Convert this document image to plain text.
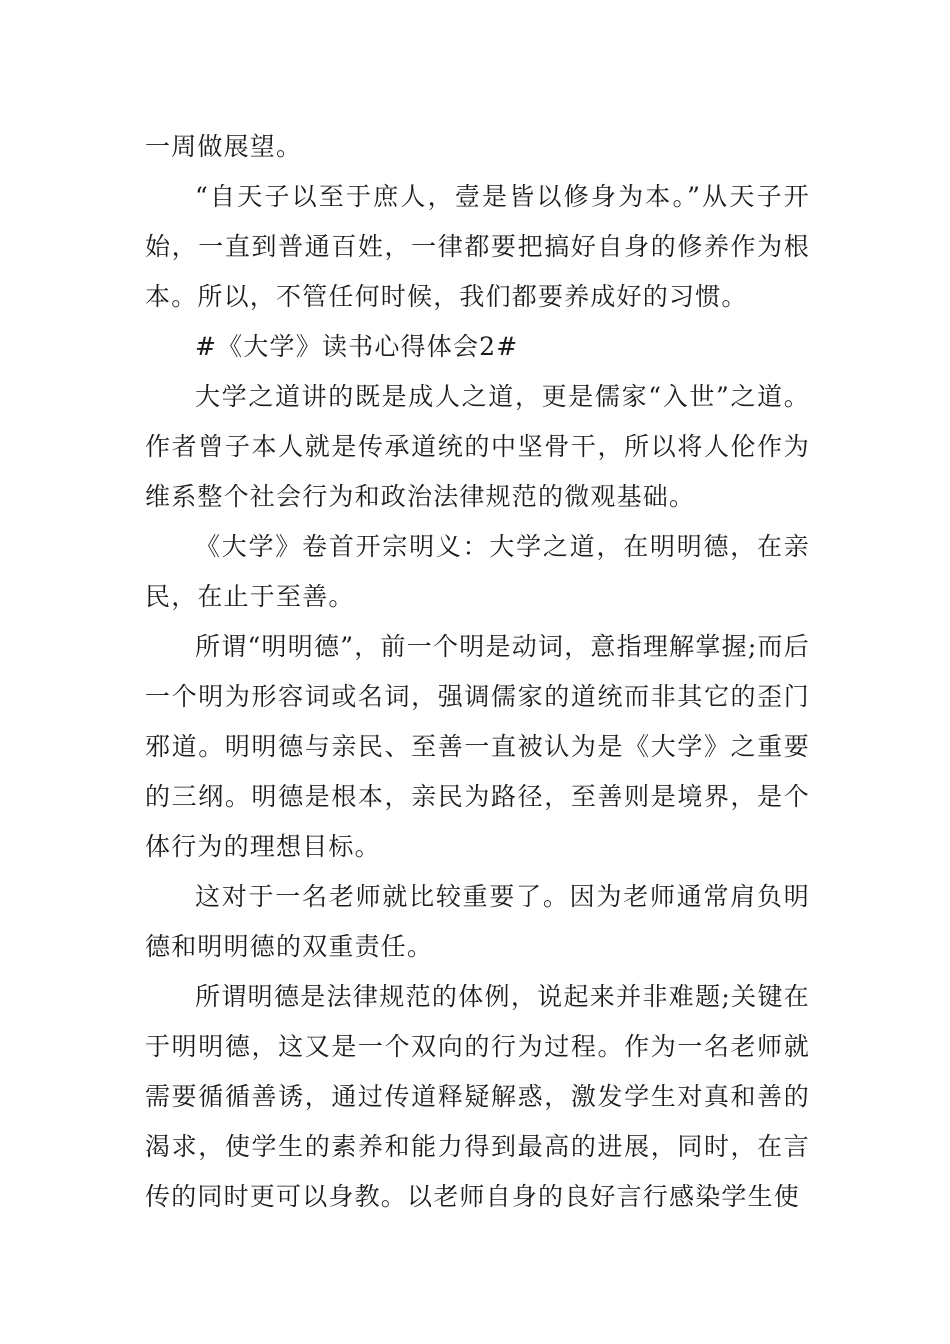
一周做展望。

“自天子以至于庶人，壹是皆以修身为本。”从天子开始，一直到普通百姓，一律都要把搞好自身的修养作为根本。所以，不管任何时候，我们都要养成好的习惯。

#《大学》读书心得体会2#

大学之道讲的既是成人之道，更是儒家“入世”之道。作者曾子本人就是传承道统的中坚骨干，所以将人伦作为维系整个社会行为和政治法律规范的微观基础。

《大学》卷首开宗明义：大学之道，在明明德，在亲民，在止于至善。

所谓“明明德”，前一个明是动词，意指理解掌握;而后一个明为形容词或名词，强调儒家的道统而非其它的歪门邪道。明明德与亲民、至善一直被认为是《大学》之重要的三纲。明德是根本，亲民为路径，至善则是境界，是个体行为的理想目标。

这对于一名老师就比较重要了。因为老师通常肩负明德和明明德的双重责任。

所谓明德是法律规范的体例，说起来并非难题;关键在于明明德，这又是一个双向的行为过程。作为一名老师就需要循循善诱，通过传道释疑解惑，激发学生对真和善的渴求，使学生的素养和能力得到最高的进展，同时，在言传的同时更可以身教。以老师自身的良好言行感染学生使
